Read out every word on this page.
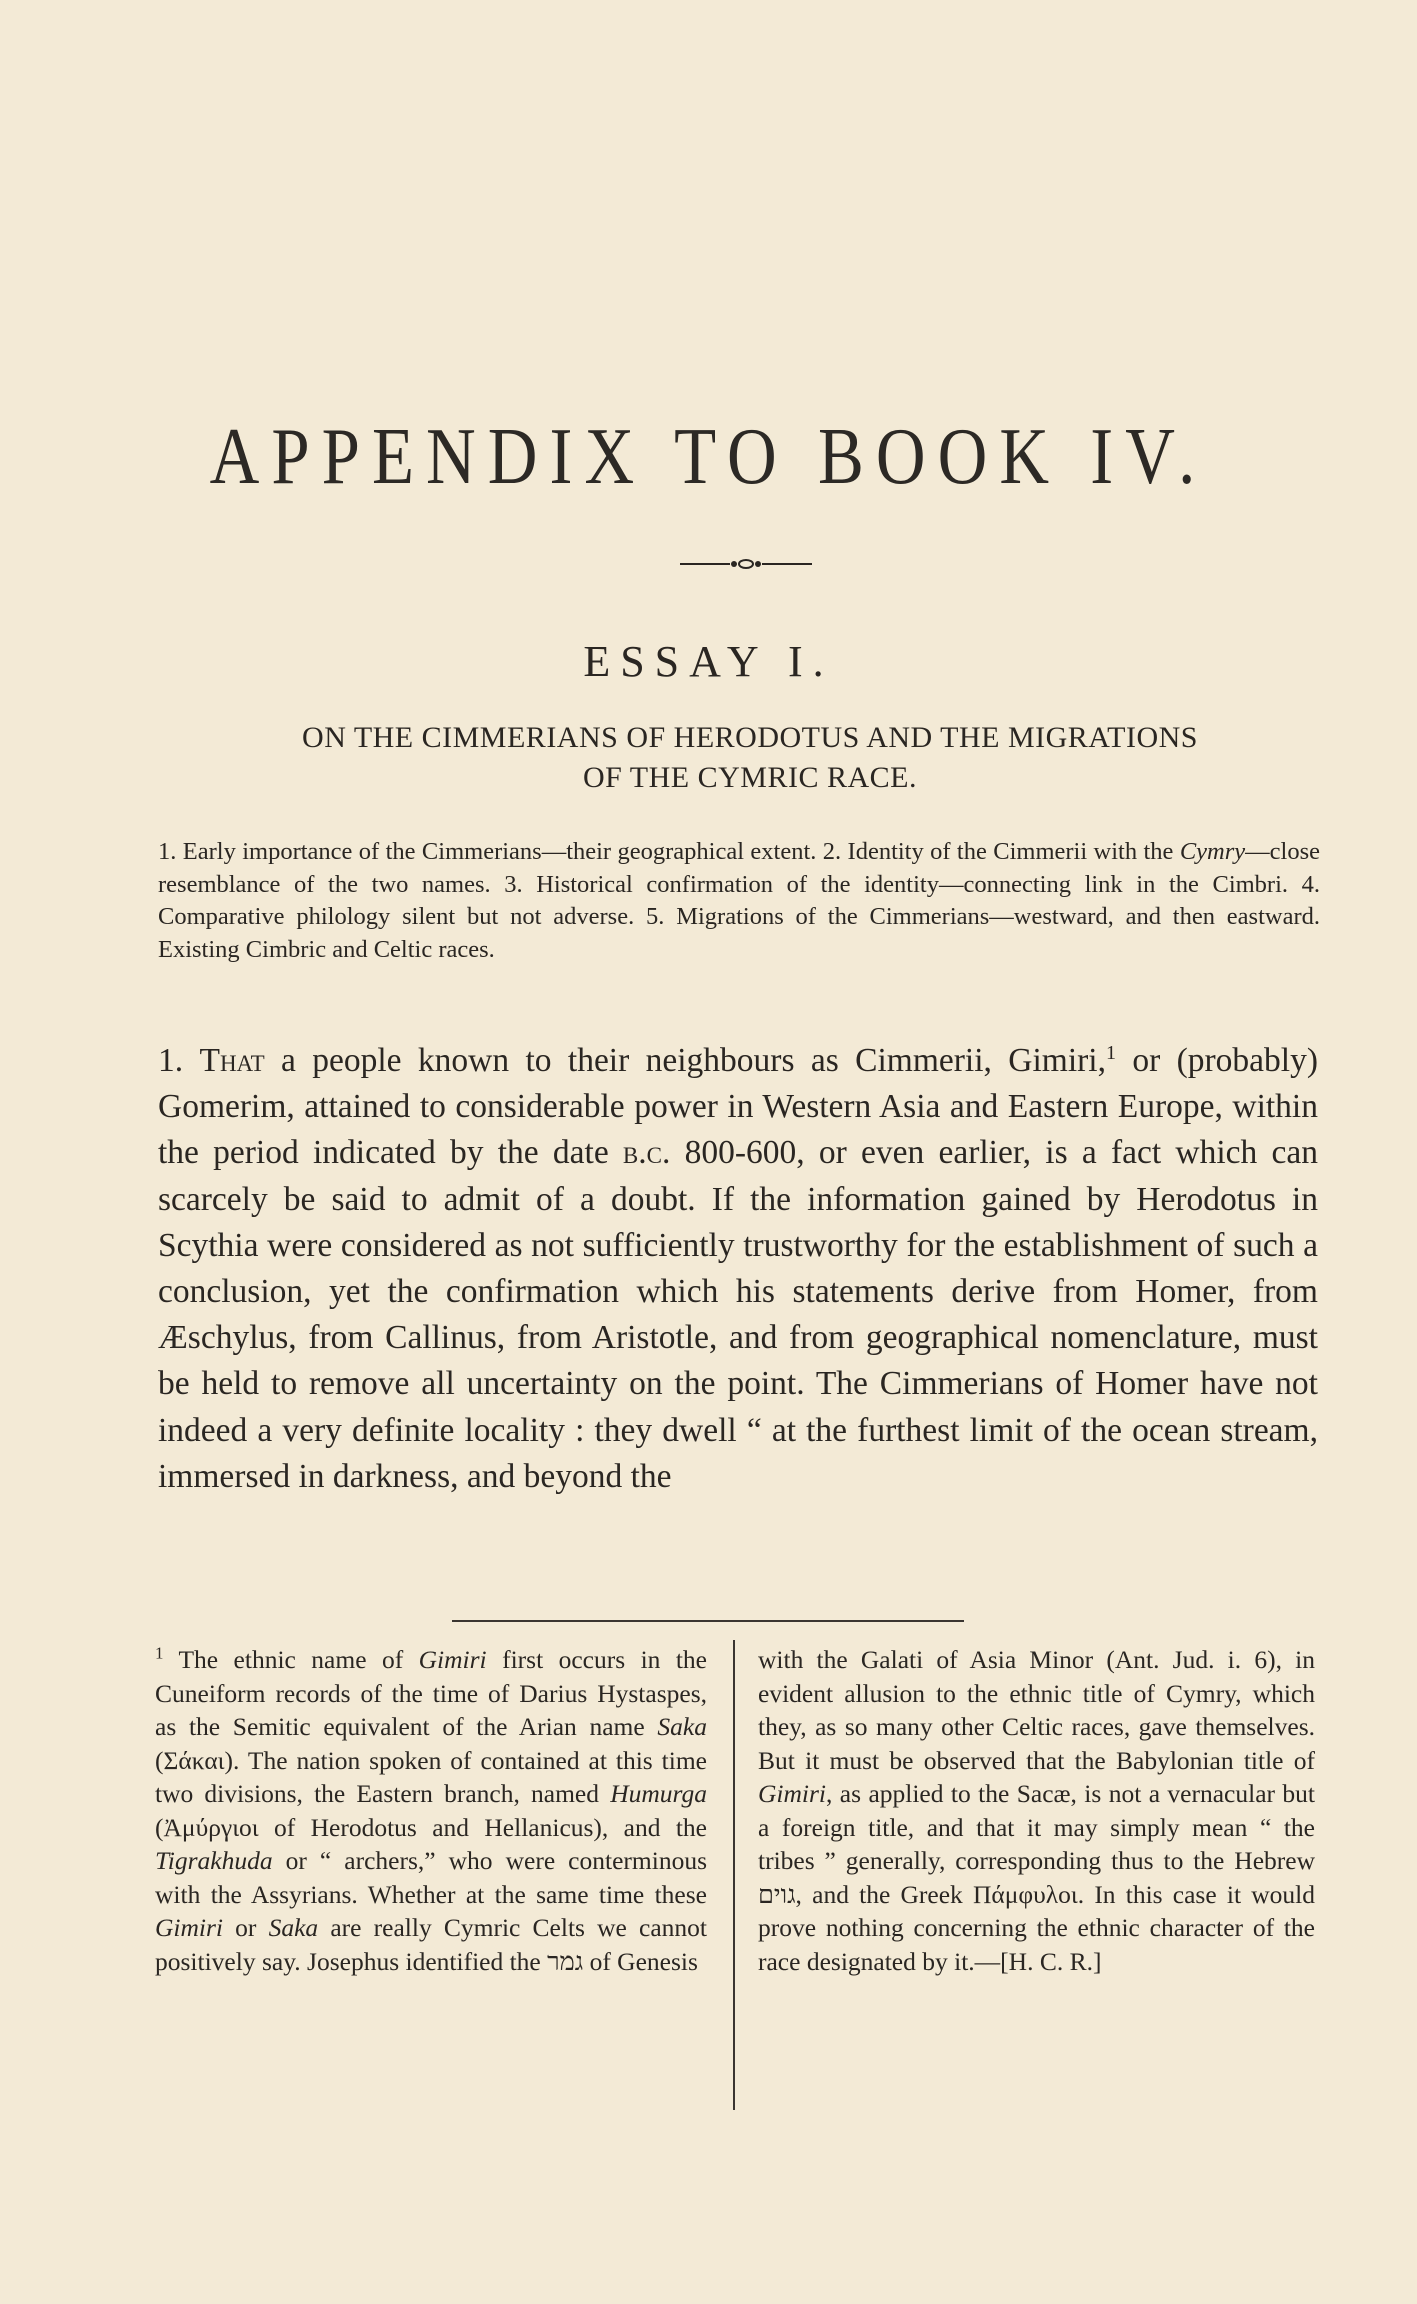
APPENDIX TO BOOK IV.
ESSAY I.
ON THE CIMMERIANS OF HERODOTUS AND THE MIGRATIONS
OF THE CYMRIC RACE.

1. Early importance of the Cimmerians—their geographical extent. 2. Identity of the Cimmerii with the Cymry—close resemblance of the two names. 3. Historical confirmation of the identity—connecting link in the Cimbri. 4. Comparative philology silent but not adverse. 5. Migrations of the Cimmerians—westward, and then eastward. Existing Cimbric and Celtic races.

1. That a people known to their neighbours as Cimmerii, Gimiri,$^1$ or (probably) Gomerim, attained to considerable power in Western Asia and Eastern Europe, within the period indicated by the date b.c. 800-600, or even earlier, is a fact which can scarcely be said to admit of a doubt. If the information gained by Herodotus in Scythia were considered as not sufficiently trustworthy for the establishment of such a conclusion, yet the confirmation which his statements derive from Homer, from Æschylus, from Callinus, from Aristotle, and from geographical nomenclature, must be held to remove all uncertainty on the point. The Cimmerians of Homer have not indeed a very definite locality : they dwell “ at the furthest limit of the ocean stream, immersed in darkness, and beyond the

$^1$ The ethnic name of Gimiri first occurs in the Cuneiform records of the time of Darius Hystaspes, as the Semitic equivalent of the Arian name Saka (Σάκαι). The nation spoken of contained at this time two divisions, the Eastern branch, named Humurga (Ἀμύργιοι of Herodotus and Hellanicus), and the Tigrakhuda or “ archers,” who were conterminous with the Assyrians. Whether at the same time these Gimiri or Saka are really Cymric Celts we cannot positively say. Josephus identified the גמר of Genesis

with the Galati of Asia Minor (Ant. Jud. i. 6), in evident allusion to the ethnic title of Cymry, which they, as so many other Celtic races, gave themselves. But it must be observed that the Babylonian title of Gimiri, as applied to the Sacæ, is not a vernacular but a foreign title, and that it may simply mean “ the tribes ” generally, corresponding thus to the Hebrew גוים, and the Greek Πάμφυλοι. In this case it would prove nothing concerning the ethnic character of the race designated by it.—[H. C. R.]
